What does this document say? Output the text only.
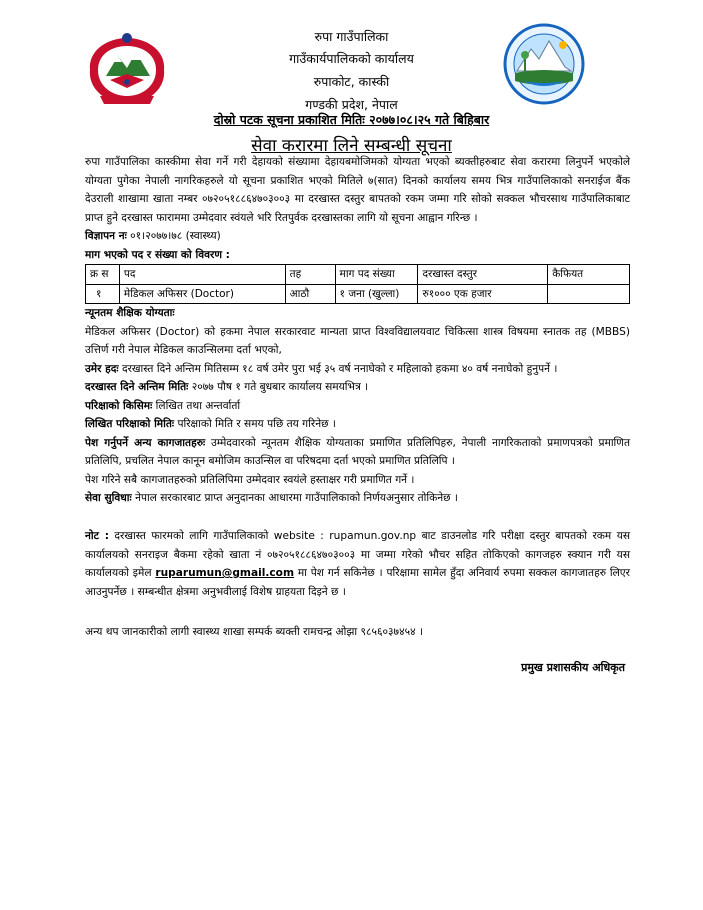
रुपा गाउँपालिका
गाउँकार्यपालिकको कार्यालय
रुपाकोट, कास्की
गण्डकी प्रदेश, नेपाल
दोस्रो पटक सूचना प्रकाशित मितिः २०७७।०८।२५ गते बिहिबार
सेवा करारमा लिने सम्बन्धी सूचना
रुपा गाउँपालिका कास्कीमा सेवा गर्ने गरी देहायको संख्यामा देहायबमोजिमको योग्यता भएको ब्यक्तीहरुबाट सेवा करारमा लिनुपर्ने भएकोले योग्यता पुगेका नेपाली नागरिकहरुले यो सूचना प्रकाशित भएको मितिले ७(सात) दिनको कार्यालय समय भित्र गाउँपालिकाको सनराईज बैंक देउराली शाखामा खाता नम्बर ०७२०५१८८६४७०३००३ मा दरखास्त दस्तुर बापतको रकम जम्मा गरि सोको सक्कल भौचरसाथ गाउँपालिकाबाट प्राप्त हुने दरखास्त फाराममा उम्मेदवार स्वंयले भरि रितपुर्वक दरखास्तका लागि यो सूचना आह्वान गरिन्छ ।
विज्ञापन नः ०१।२०७७।७८ (स्वास्थ्य)
माग भएको पद र संख्या को विवरण :
क्र स	पद	तह	माग पद संख्या	दरखास्त दस्तुर	कैफियत
१	मेडिकल अफिसर (Doctor)	आठौ	१ जना (खुल्ला)	रु१००० एक हजार	
न्यूनतम शैक्षिक योग्यताः
मेडिकल अफिसर (Doctor) को हकमा नेपाल सरकारवाट मान्यता प्राप्त विश्वविद्यालयवाट चिकित्सा शास्त्र विषयमा स्नातक तह (MBBS) उत्तिर्ण गरी नेपाल मेडिकल काउन्सिलमा दर्ता भएको,
उमेर हदः दरखास्त दिने अन्तिम मितिसम्म १८ वर्ष उमेर पुरा भई ३५ वर्ष ननाघेको र महिलाको हकमा ४० वर्ष ननाघेको हुनुपर्ने ।
दरखास्त दिने अन्तिम मितिः २०७७ पौष १ गते बुधबार कार्यालय समयभित्र ।
परिक्षाको किसिमः लिखित तथा अन्तर्वार्ता
लिखित परिक्षाको मितिः परिक्षाको मिति र समय पछि तय गरिनेछ ।
पेश गर्नुपर्ने अन्य कागजातहरुः उम्मेदवारको न्यूनतम शैक्षिक योग्यताका प्रमाणित प्रतिलिपिहरु, नेपाली नागरिकताको प्रमाणपत्रको प्रमाणित प्रतिलिपि, प्रचलित नेपाल कानून बमोजिम काउन्सिल वा परिषदमा दर्ता भएको प्रमाणित प्रतिलिपि ।
पेश गरिने सबै कागजातहरुको प्रतिलिपिमा उम्मेदवार स्वयंले हस्ताक्षर गरी प्रमाणित गर्ने ।
सेवा सुविधाः नेपाल सरकारबाट प्राप्त अनुदानका आधारमा गाउँपालिकाको निर्णयअनुसार तोकिनेछ ।
नोट : दरखास्त फारमको लागि गाउँपालिकाको website : rupamun.gov.np बाट डाउनलोड गरि परीक्षा दस्तुर बापतको रकम यस कार्यालयको सनराइज बैकमा रहेको खाता नं ०७२०५१८८६४७०३००३ मा जम्मा गरेको भौचर सहित तोकिएको कागजहरु स्क्यान गरी यस कार्यालयको इमेल ruparumun@gmail.com मा पेश गर्न सकिनेछ । परिक्षामा सामेल हुँदा अनिवार्य रुपमा सक्कल कागजातहरु लिएर आउनुपर्नेछ । सम्बन्धीत क्षेत्रमा अनुभवीलाई विशेष ग्राहयता दिइने छ ।
अन्य थप जानकारीको लागी स्वास्थ्य शाखा सम्पर्क ब्यक्ती रामचन्द्र ओझा ९८५६०३७४५४ ।
प्रमुख प्रशासकीय अधिकृत
